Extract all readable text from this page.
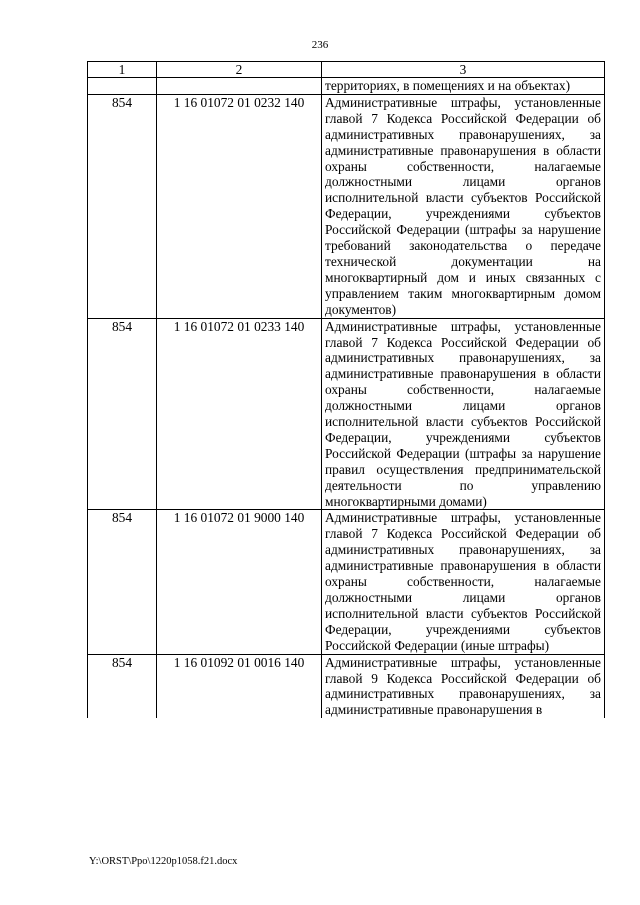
236
1	2	3
		территориях, в помещениях и на объектах)
854	1 16 01072 01 0232 140	Административные штрафы, установленные главой 7 Кодекса Российской Федерации об административных правонарушениях, за административные правонарушения в области охраны собственности, налагаемые должностными лицами органов исполнительной власти субъектов Российской Федерации, учреждениями субъектов Российской Федерации (штрафы за нарушение требований законодательства о передаче технической документации на многоквартирный дом и иных связанных с управлением таким многоквартирным домом документов)
854	1 16 01072 01 0233 140	Административные штрафы, установленные главой 7 Кодекса Российской Федерации об административных правонарушениях, за административные правонарушения в области охраны собственности, налагаемые должностными лицами органов исполнительной власти субъектов Российской Федерации, учреждениями субъектов Российской Федерации (штрафы за нарушение правил осуществления предпринимательской деятельности по управлению многоквартирными домами)
854	1 16 01072 01 9000 140	Административные штрафы, установленные главой 7 Кодекса Российской Федерации об административных правонарушениях, за административные правонарушения в области охраны собственности, налагаемые должностными лицами органов исполнительной власти субъектов Российской Федерации, учреждениями субъектов Российской Федерации (иные штрафы)
854	1 16 01092 01 0016 140	Административные штрафы, установленные главой 9 Кодекса Российской Федерации об административных правонарушениях, за административные правонарушения в
Y:\ORST\Ppo\1220p1058.f21.docx
